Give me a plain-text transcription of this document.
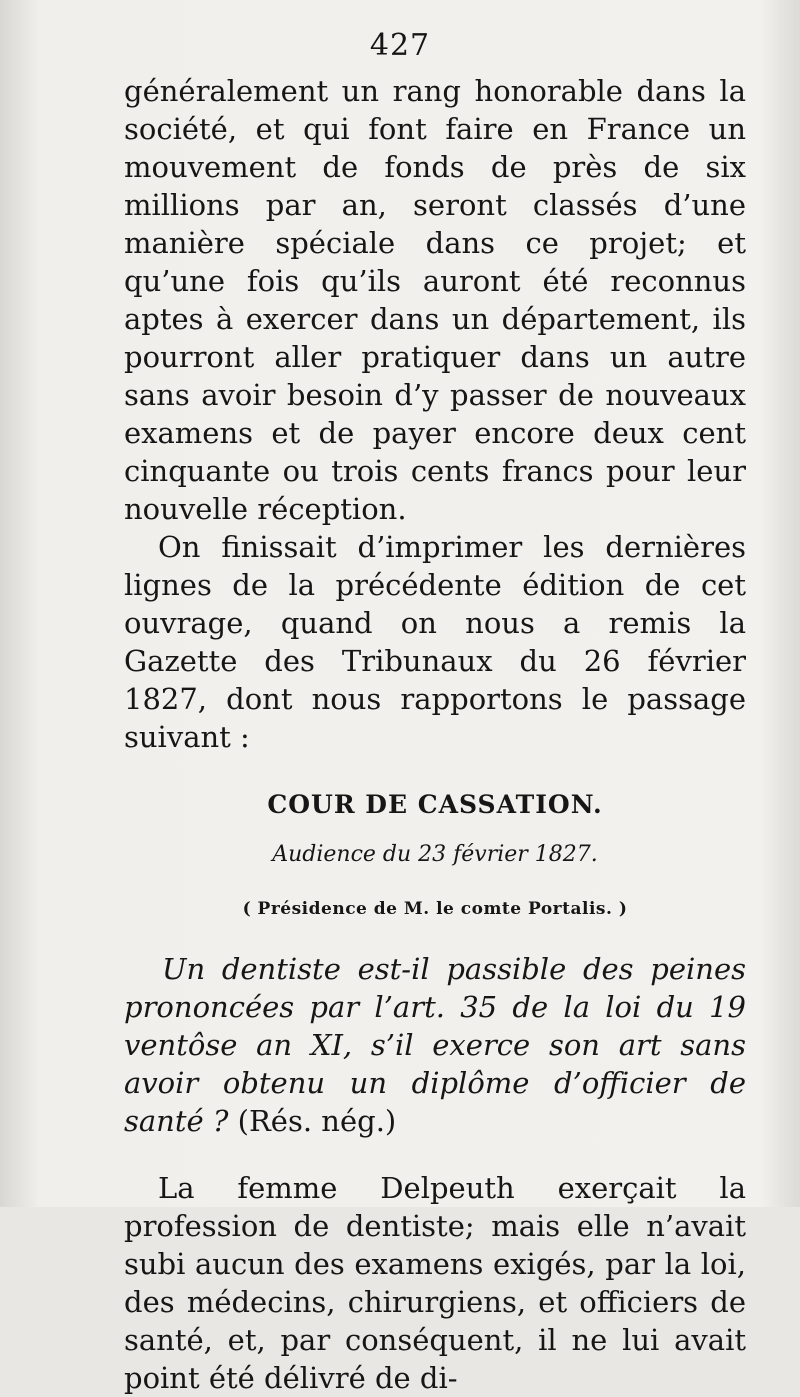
427

généralement un rang honorable dans la société, et qui font faire en France un mouvement de fonds de près de six millions par an, seront classés d’une manière spéciale dans ce projet; et qu’une fois qu’ils auront été reconnus aptes à exercer dans un département, ils pourront aller pratiquer dans un autre sans avoir besoin d’y passer de nouveaux examens et de payer encore deux cent cinquante ou trois cents francs pour leur nouvelle réception.

On finissait d’imprimer les dernières lignes de la précédente édition de cet ouvrage, quand on nous a remis la Gazette des Tribunaux du 26 février 1827, dont nous rapportons le passage suivant :

COUR DE CASSATION.
Audience du 23 février 1827.
( Présidence de M. le comte Portalis. )

Un dentiste est-il passible des peines prononcées par l’art. 35 de la loi du 19 ventôse an XI, s’il exerce son art sans avoir obtenu un diplôme d’officier de santé ? (Rés. nég.)

La femme Delpeuth exerçait la profession de dentiste; mais elle n’avait subi aucun des examens exigés, par la loi, des médecins, chirurgiens, et officiers de santé, et, par conséquent, il ne lui avait point été délivré de di-
